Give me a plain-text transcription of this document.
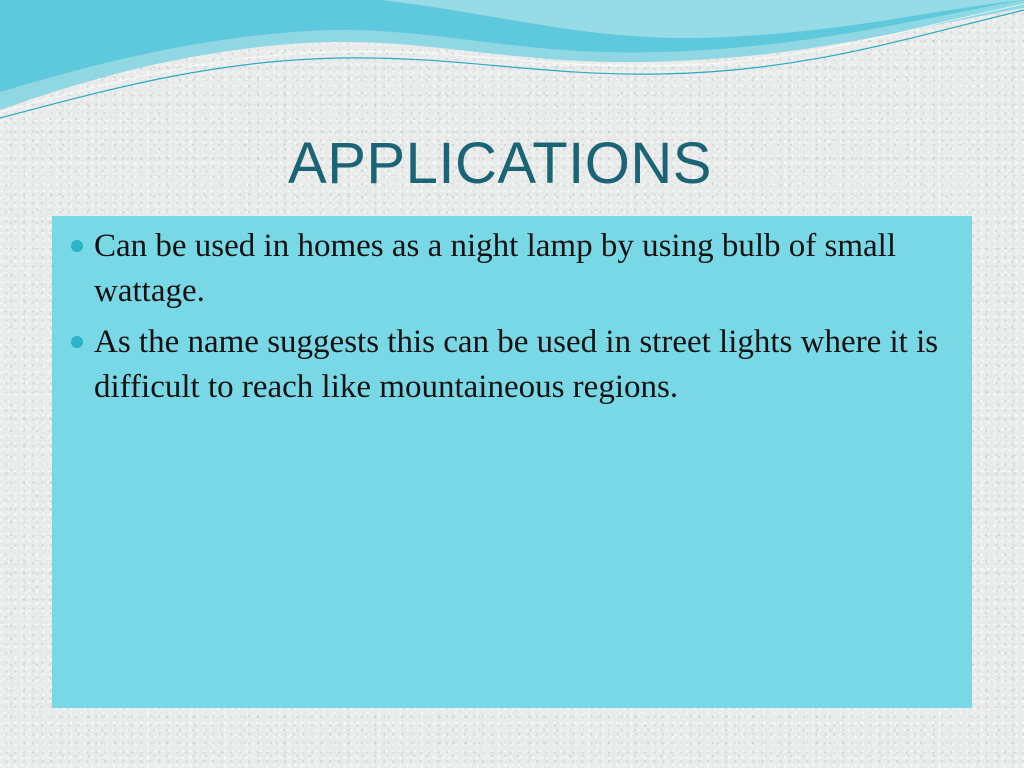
APPLICATIONS
Can be used in homes as a night lamp by using bulb of small wattage.
As the name suggests this can be used in street lights where it is difficult to reach like mountaineous regions.
